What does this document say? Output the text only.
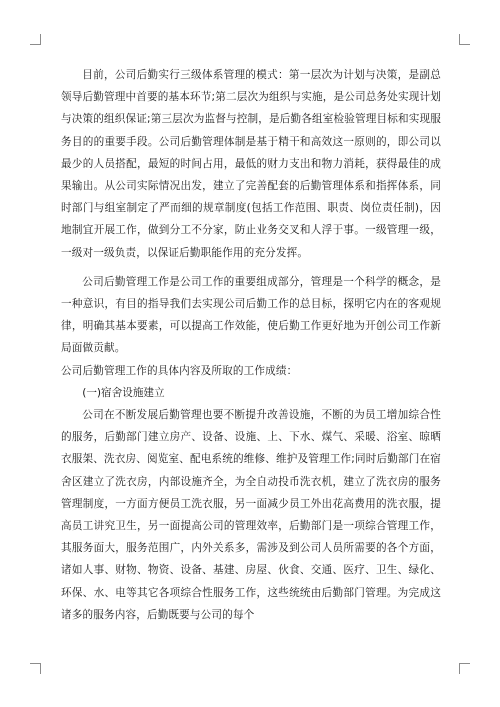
目前，公司后勤实行三级体系管理的模式：第一层次为计划与决策，是副总领导后勤管理中首要的基本环节;第二层次为组织与实施，是公司总务处实现计划与决策的组织保证;第三层次为监督与控制，是后勤各组室检验管理目标和实现服务目的的重要手段。公司后勤管理体制是基于精干和高效这一原则的，即公司以最少的人员搭配，最短的时间占用，最低的财力支出和物力消耗，获得最佳的成果输出。从公司实际情况出发，建立了完善配套的后勤管理体系和指挥体系，同时部门与组室制定了严而细的规章制度(包括工作范围、职责、岗位责任制)，因地制宜开展工作，做到分工不分家，防止业务交叉和人浮于事。一级管理一级，一级对一级负责，以保证后勤职能作用的充分发挥。

公司后勤管理工作是公司工作的重要组成部分，管理是一个科学的概念，是一种意识，有目的指导我们去实现公司后勤工作的总目标，探明它内在的客观规律，明确其基本要素，可以提高工作效能，使后勤工作更好地为开创公司工作新局面做贡献。

公司后勤管理工作的具体内容及所取的工作成绩：

(一)宿舍设施建立

公司在不断发展后勤管理也要不断提升改善设施，不断的为员工增加综合性的服务，后勤部门建立房产、设备、设施、上、下水、煤气、采暖、浴室、晾晒衣服架、洗衣房、阅览室、配电系统的维修、维护及管理工作;同时后勤部门在宿舍区建立了洗衣房，内部设施齐全，为全自动投币洗衣机，建立了洗衣房的服务管理制度，一方面方便员工洗衣服，另一面减少员工外出花高费用的洗衣服，提高员工讲究卫生，另一面提高公司的管理效率，后勤部门是一项综合管理工作，其服务面大，服务范围广，内外关系多，需涉及到公司人员所需要的各个方面，诸如人事、财物、物资、设备、基建、房屋、伙食、交通、医疗、卫生、绿化、环保、水、电等其它各项综合性服务工作，这些统统由后勤部门管理。为完成这诸多的服务内容，后勤既要与公司的每个
